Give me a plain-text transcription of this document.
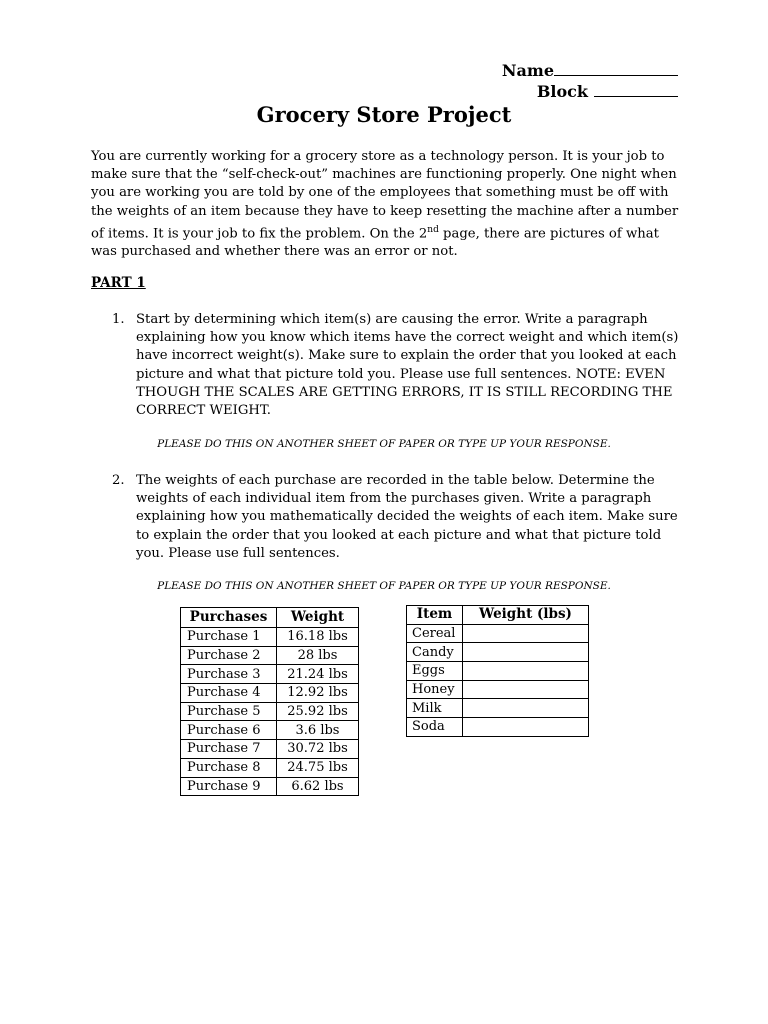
Name
Block
Grocery Store Project
You are currently working for a grocery store as a technology person. It is your job to make sure that the “self-check-out” machines are functioning properly. One night when you are working you are told by one of the employees that something must be off with the weights of an item because they have to keep resetting the machine after a number of items. It is your job to fix the problem. On the 2nd page, there are pictures of what was purchased and whether there was an error or not.
PART 1
1. Start by determining which item(s) are causing the error. Write a paragraph explaining how you know which items have the correct weight and which item(s) have incorrect weight(s). Make sure to explain the order that you looked at each picture and what that picture told you. Please use full sentences. NOTE: EVEN THOUGH THE SCALES ARE GETTING ERRORS, IT IS STILL RECORDING THE CORRECT WEIGHT.
PLEASE DO THIS ON ANOTHER SHEET OF PAPER OR TYPE UP YOUR RESPONSE.
2. The weights of each purchase are recorded in the table below. Determine the weights of each individual item from the purchases given. Write a paragraph explaining how you mathematically decided the weights of each item. Make sure to explain the order that you looked at each picture and what that picture told you. Please use full sentences.
PLEASE DO THIS ON ANOTHER SHEET OF PAPER OR TYPE UP YOUR RESPONSE.
Purchases	Weight
Purchase 1	16.18 lbs
Purchase 2	28 lbs
Purchase 3	21.24 lbs
Purchase 4	12.92 lbs
Purchase 5	25.92 lbs
Purchase 6	3.6 lbs
Purchase 7	30.72 lbs
Purchase 8	24.75 lbs
Purchase 9	6.62 lbs
Item	Weight (lbs)
Cereal	
Candy	
Eggs	
Honey	
Milk	
Soda	
